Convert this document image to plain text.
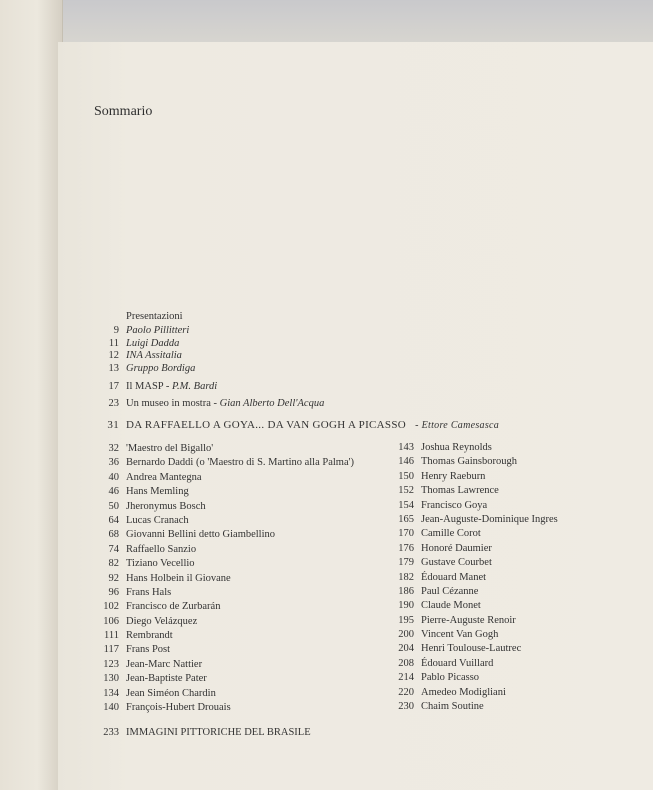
Sommario
Presentazioni
9 Paolo Pillitteri
11 Luigi Dadda
12 INA Assitalia
13 Gruppo Bordiga
17 Il MASP - P.M. Bardi
23 Un museo in mostra - Gian Alberto Dell'Acqua
31 DA RAFFAELLO A GOYA... DA VAN GOGH A PICASSO - Ettore Camesasca
32 'Maestro del Bigallo'
36 Bernardo Daddi (o 'Maestro di S. Martino alla Palma')
40 Andrea Mantegna
46 Hans Memling
50 Jheronymus Bosch
64 Lucas Cranach
68 Giovanni Bellini detto Giambellino
74 Raffaello Sanzio
82 Tiziano Vecellio
92 Hans Holbein il Giovane
96 Frans Hals
102 Francisco de Zurbarán
106 Diego Velázquez
111 Rembrandt
117 Frans Post
123 Jean-Marc Nattier
130 Jean-Baptiste Pater
134 Jean Siméon Chardin
140 François-Hubert Drouais
143 Joshua Reynolds
146 Thomas Gainsborough
150 Henry Raeburn
152 Thomas Lawrence
154 Francisco Goya
165 Jean-Auguste-Dominique Ingres
170 Camille Corot
176 Honoré Daumier
179 Gustave Courbet
182 Édouard Manet
186 Paul Cézanne
190 Claude Monet
195 Pierre-Auguste Renoir
200 Vincent Van Gogh
204 Henri Toulouse-Lautrec
208 Édouard Vuillard
214 Pablo Picasso
220 Amedeo Modigliani
230 Chaim Soutine
233 IMMAGINI PITTORICHE DEL BRASILE
